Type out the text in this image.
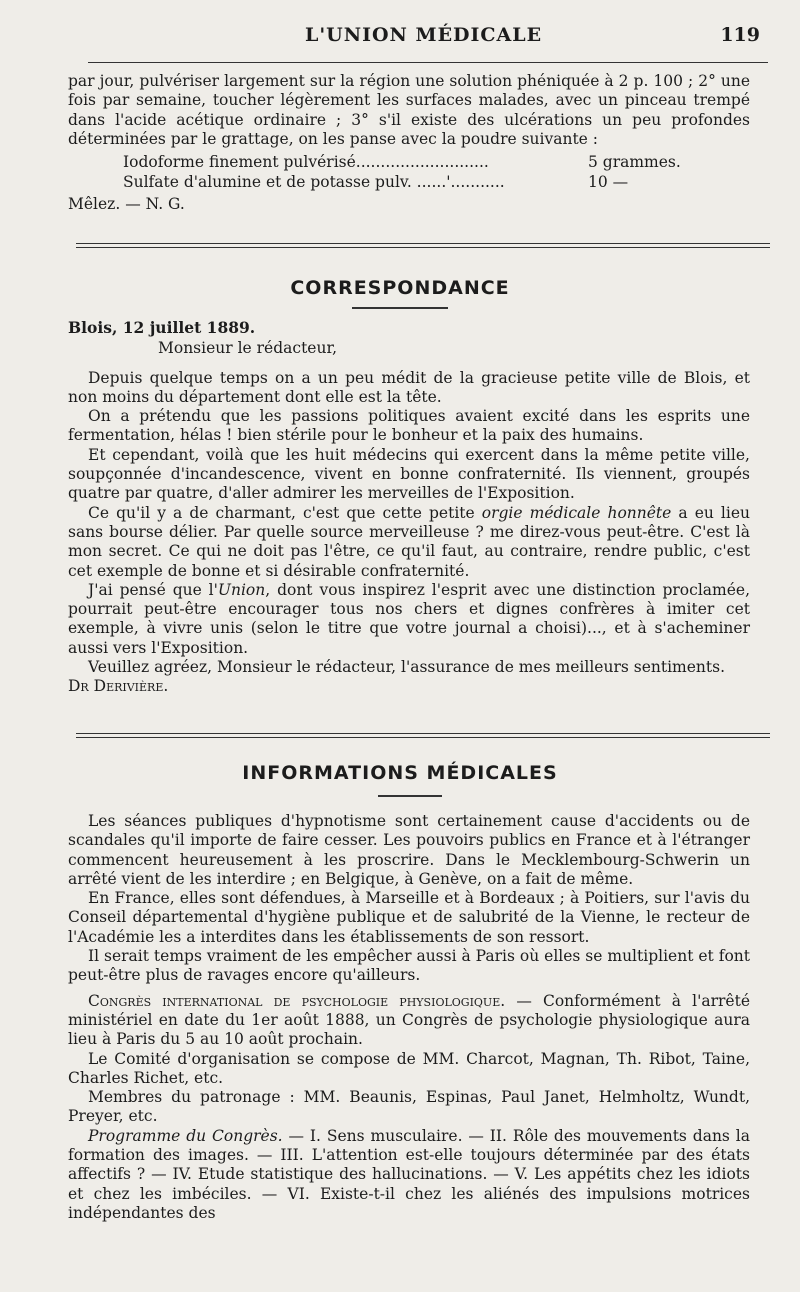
L'UNION MÉDICALE	119

par jour, pulvériser largement sur la région une solution phéniquée à 2 p. 100 ; 2° une fois par semaine, toucher légèrement les surfaces malades, avec un pinceau trempé dans l'acide acétique ordinaire ; 3° s'il existe des ulcérations un peu profondes déterminées par le grattage, on les panse avec la poudre suivante :

Iodoforme finement pulvérisé...........................	5 grammes.
Sulfate d'alumine et de potasse pulv. ......'...........	10 —

Mêlez. — N. G.

CORRESPONDANCE

Blois, 12 juillet 1889.

Monsieur le rédacteur,

Depuis quelque temps on a un peu médit de la gracieuse petite ville de Blois, et non moins du département dont elle est la tête.

On a prétendu que les passions politiques avaient excité dans les esprits une fermentation, hélas ! bien stérile pour le bonheur et la paix des humains.

Et cependant, voilà que les huit médecins qui exercent dans la même petite ville, soupçonnée d'incandescence, vivent en bonne confraternité. Ils viennent, groupés quatre par quatre, d'aller admirer les merveilles de l'Exposition.

Ce qu'il y a de charmant, c'est que cette petite orgie médicale honnête a eu lieu sans bourse délier. Par quelle source merveilleuse ? me direz-vous peut-être. C'est là mon secret. Ce qui ne doit pas l'être, ce qu'il faut, au contraire, rendre public, c'est cet exemple de bonne et si désirable confraternité.

J'ai pensé que l'Union, dont vous inspirez l'esprit avec une distinction proclamée, pourrait peut-être encourager tous nos chers et dignes confrères à imiter cet exemple, à vivre unis (selon le titre que votre journal a choisi)..., et à s'acheminer aussi vers l'Exposition.

Veuillez agréez, Monsieur le rédacteur, l'assurance de mes meilleurs sentiments.

Dr Derivière.

INFORMATIONS MÉDICALES

Les séances publiques d'hypnotisme sont certainement cause d'accidents ou de scandales qu'il importe de faire cesser. Les pouvoirs publics en France et à l'étranger commencent heureusement à les proscrire. Dans le Mecklembourg-Schwerin un arrêté vient de les interdire ; en Belgique, à Genève, on a fait de même.

En France, elles sont défendues, à Marseille et à Bordeaux ; à Poitiers, sur l'avis du Conseil départemental d'hygiène publique et de salubrité de la Vienne, le recteur de l'Académie les a interdites dans les établissements de son ressort.

Il serait temps vraiment de les empêcher aussi à Paris où elles se multiplient et font peut-être plus de ravages encore qu'ailleurs.

Congrès international de psychologie physiologique. — Conformément à l'arrêté ministériel en date du 1er août 1888, un Congrès de psychologie physiologique aura lieu à Paris du 5 au 10 août prochain.

Le Comité d'organisation se compose de MM. Charcot, Magnan, Th. Ribot, Taine, Charles Richet, etc.

Membres du patronage : MM. Beaunis, Espinas, Paul Janet, Helmholtz, Wundt, Preyer, etc.

Programme du Congrès. — I. Sens musculaire. — II. Rôle des mouvements dans la formation des images. — III. L'attention est-elle toujours déterminée par des états affectifs ? — IV. Etude statistique des hallucinations. — V. Les appétits chez les idiots et chez les imbéciles. — VI. Existe-t-il chez les aliénés des impulsions motrices indépendantes des
